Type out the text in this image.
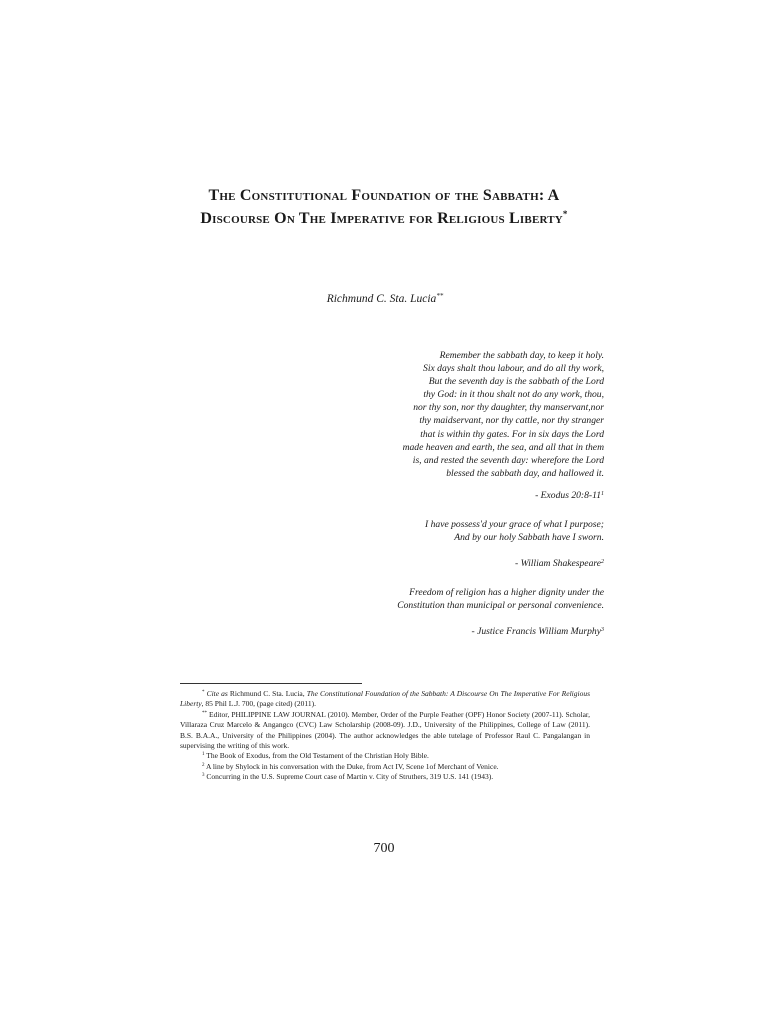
The Constitutional Foundation of the Sabbath: A
Discourse On The Imperative for Religious Liberty*
Richmund C. Sta. Lucia**
Remember the sabbath day, to keep it holy.
Six days shalt thou labour, and do all thy work,
But the seventh day is the sabbath of the Lord
thy God: in it thou shalt not do any work, thou,
nor thy son, nor thy daughter, thy manservant,nor
thy maidservant, nor thy cattle, nor thy stranger
that is within thy gates. For in six days the Lord
made heaven and earth, the sea, and all that in them
is, and rested the seventh day: wherefore the Lord
blessed the sabbath day, and hallowed it.
- Exodus $20:8-11^1$
I have possess'd your grace of what I purpose;
And by our holy Sabbath have I sworn.
- William Shakespeare$^2$
Freedom of religion has a higher dignity under the
Constitution than municipal or personal convenience.
- Justice Francis William Murphy$^3$

* Cite as Richmund C. Sta. Lucia, The Constitutional Foundation of the Sabbath: A Discourse On The Imperative For Religious Liberty, 85 Phil L.J. 700, (page cited) (2011).

** Editor, PHILIPPINE LAW JOURNAL (2010). Member, Order of the Purple Feather (OPF) Honor Society (2007-11). Scholar, Villaraza Cruz Marcelo & Angangco (CVC) Law Scholarship (2008-09). J.D., University of the Philippines, College of Law (2011). B.S. B.A.A., University of the Philippines (2004). The author acknowledges the able tutelage of Professor Raul C. Pangalangan in supervising the writing of this work.

$^1$ The Book of Exodus, from the Old Testament of the Christian Holy Bible.

$^2$ A line by Shylock in his conversation with the Duke, from Act IV, Scene 1of Merchant of Venice.

$^3$ Concurring in the U.S. Supreme Court case of Martin v. City of Struthers, 319 U.S. 141 (1943).

700
